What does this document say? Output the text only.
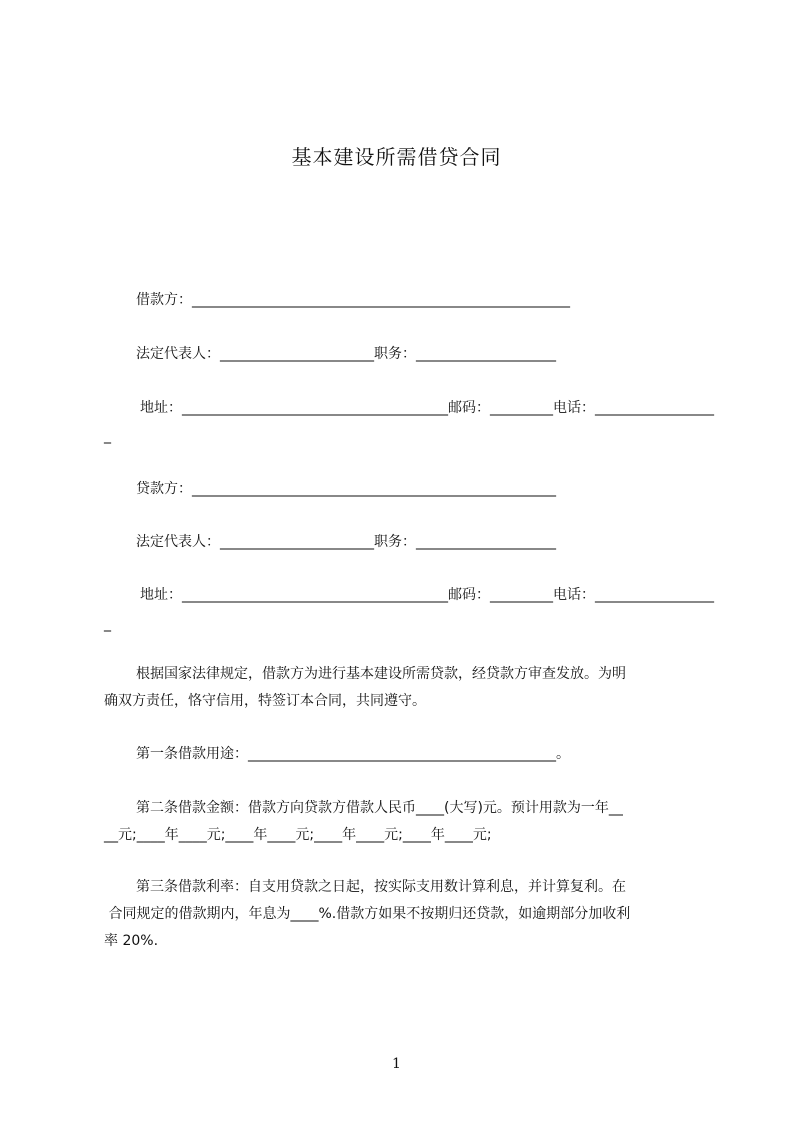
基本建设所需借贷合同
借款方：______________________________________________________
法定代表人：______________________职务：____________________
地址：______________________________________邮码：_________电话：_________________
_
贷款方：____________________________________________________
法定代表人：______________________职务：____________________
地址：______________________________________邮码：_________电话：_________________
_
根据国家法律规定，借款方为进行基本建设所需贷款，经贷款方审查发放。为明
确双方责任，恪守信用，特签订本合同，共同遵守。
第一条借款用途：____________________________________________。
第二条借款金额：借款方向贷款方借款人民币____(大写)元。预计用款为一年__
__元;____年____元;____年____元;____年____元;____年____元;
第三条借款利率：自支用贷款之日起，按实际支用数计算利息，并计算复利。在
合同规定的借款期内，年息为____%.借款方如果不按期归还贷款，如逾期部分加收利
率 20%.
1
